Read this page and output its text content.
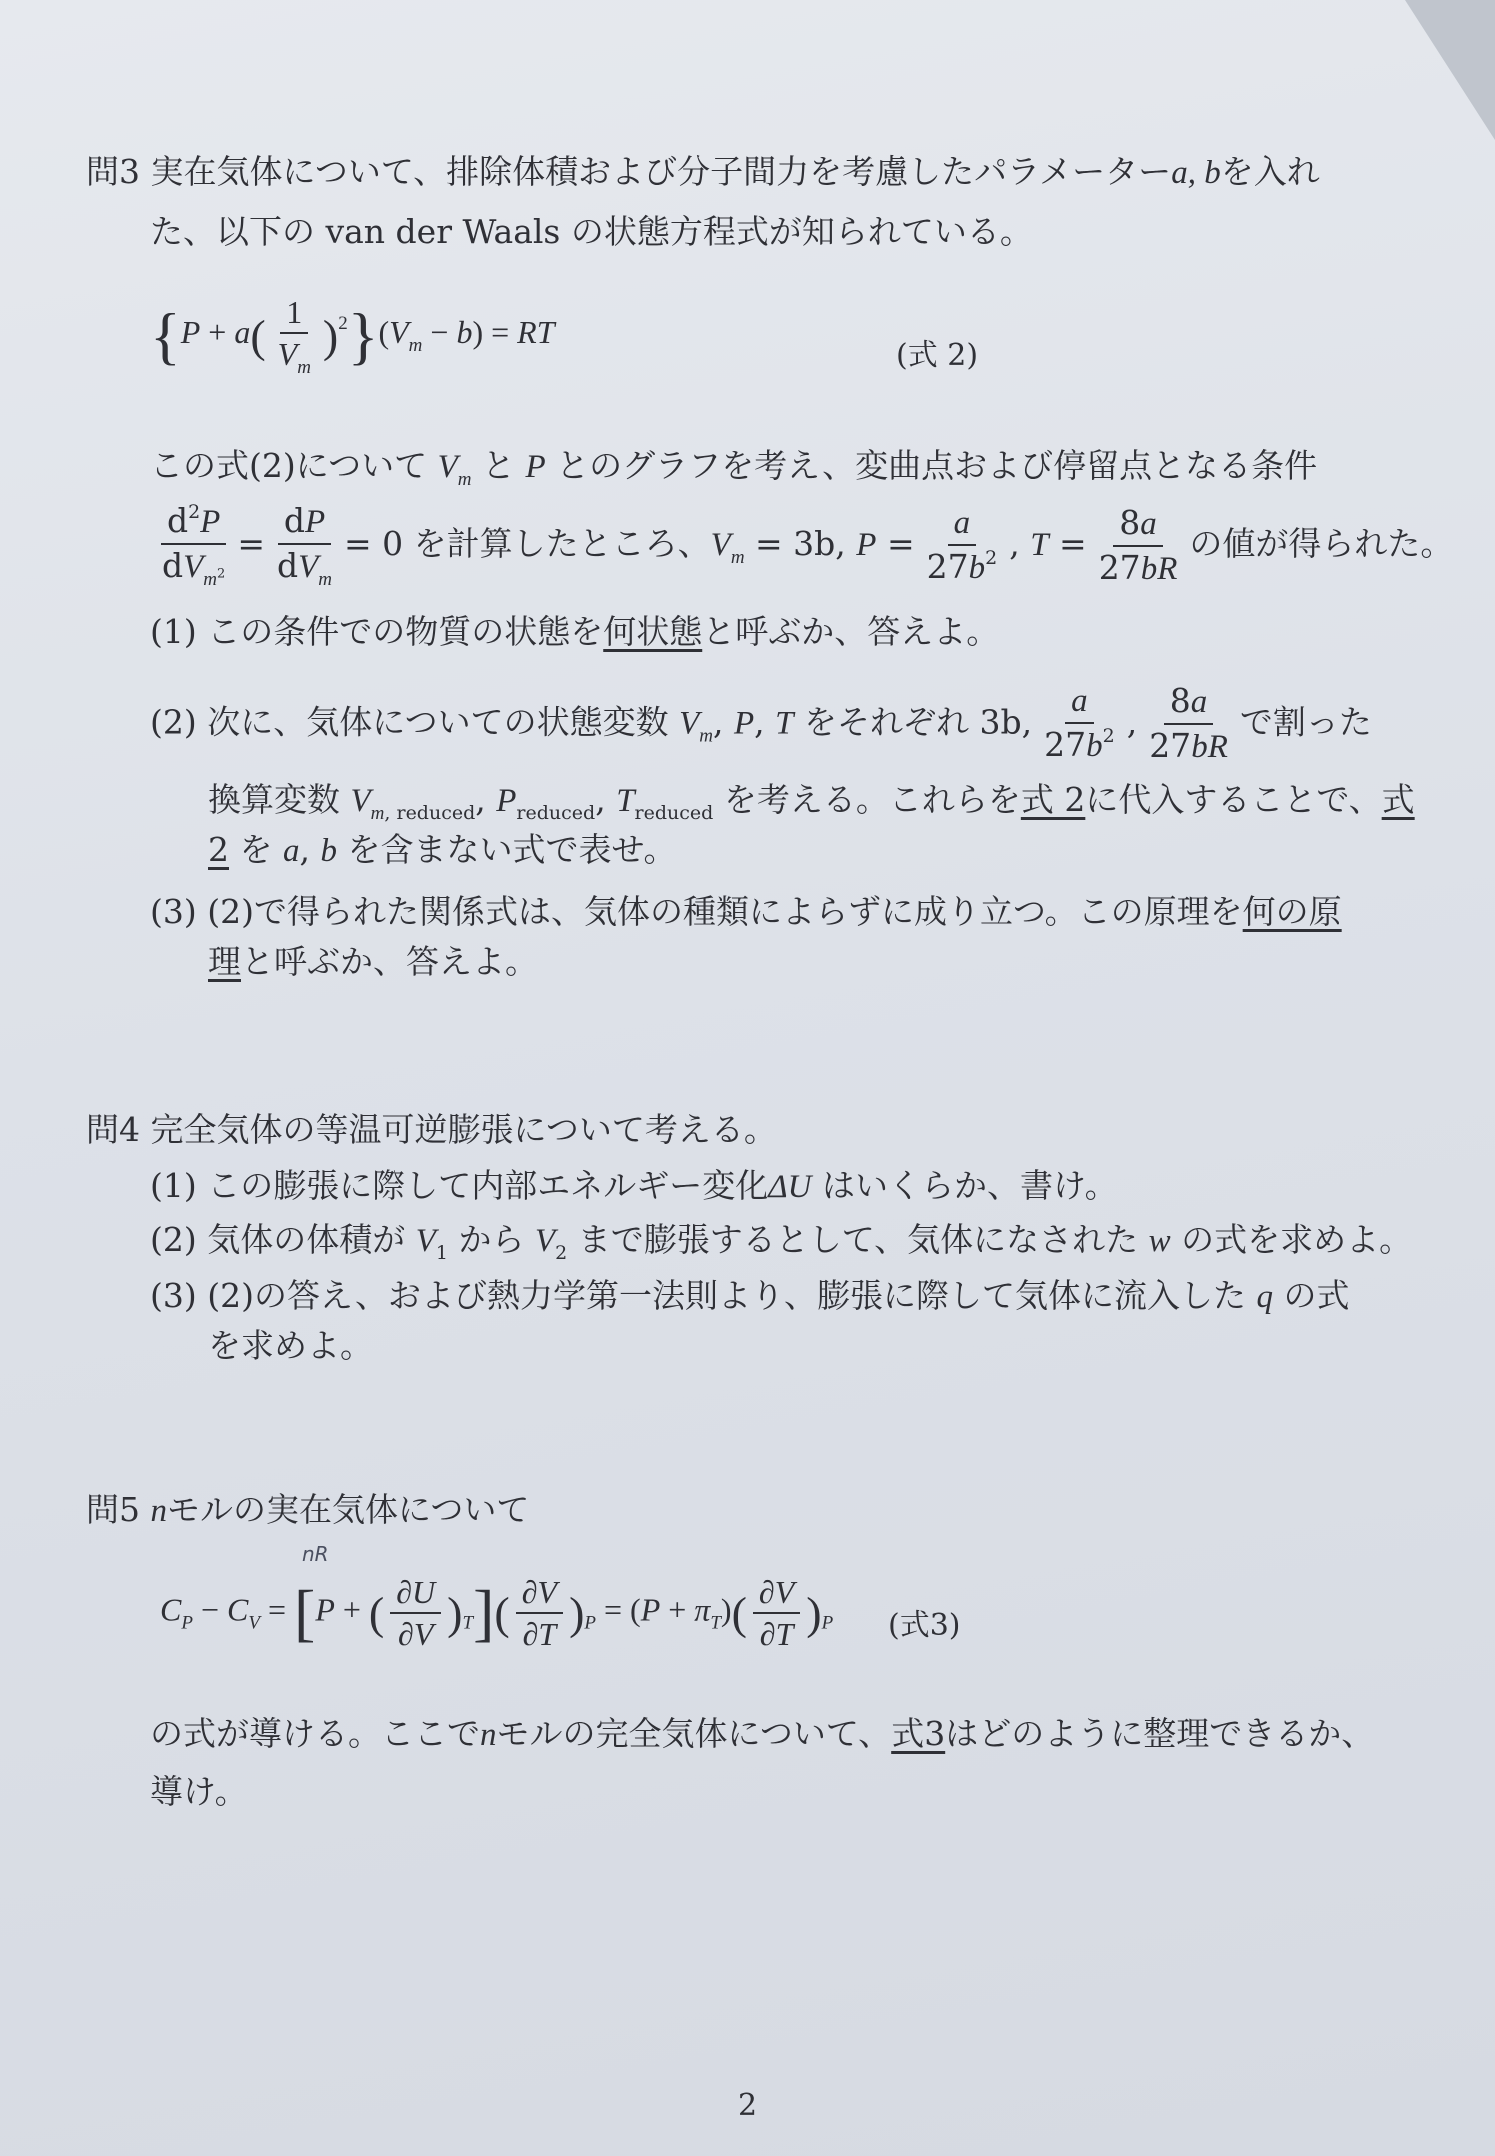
問3 実在気体について、排除体積および分子間力を考慮したパラメーターa, bを入れ
た、以下の van der Waals の状態方程式が知られている。
$\{P + a( \frac{1}{V_m} )^2\}(V_m - b)$ = RT
(式 2)
この式(2)について $V_m$ と P とのグラフを考え、変曲点および停留点となる条件
$\frac{d^2P}{dV_{m^2}} = \frac{dP}{dV_m} = 0$ を計算したところ、$V_m = 3b$, $P = \frac{a}{27b^2}$ , $T = \frac{8a}{27bR}$ の値が得られた。
(1) この条件での物質の状態を何状態と呼ぶか、答えよ。
(2) 次に、気体についての状態変数 $V_m$, P, T をそれぞれ 3b, $\frac{a}{27b^2}$ , $\frac{8a}{27bR}$ で割った
換算変数 $V_{m, reduced}$, $P_{reduced}$, $T_{reduced}$ を考える。これらを式 2に代入することで、式
2 を a, b を含まない式で表せ。
(3) (2)で得られた関係式は、気体の種類によらずに成り立つ。この原理を何の原
理と呼ぶか、答えよ。
問4 完全気体の等温可逆膨張について考える。
(1) この膨張に際して内部エネルギー変化ΔU はいくらか、書け。
(2) 気体の体積が $V_1$ から $V_2$ まで膨張するとして、気体になされた w の式を求めよ。
(3) (2)の答え、および熱力学第一法則より、膨張に際して気体に流入した q の式
を求めよ。
問5 nモルの実在気体について
nR
$C_P - C_V = [P$ + ( $\frac{\partial U}{\partial V} )_T]( \frac{\partial V}{\partial T} )_P = (P + \pi_T)( \frac{\partial V}{\partial T} )_P$ (式3)
の式が導ける。ここでnモルの完全気体について、式3はどのように整理できるか、
導け。
2
